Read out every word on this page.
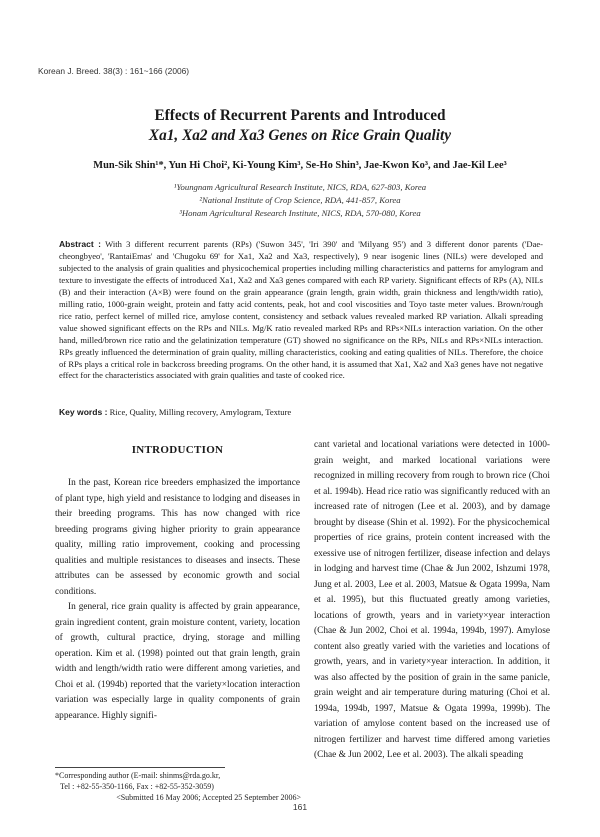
Korean J. Breed. 38(3) : 161~166 (2006)
Effects of Recurrent Parents and Introduced
Xa1, Xa2 and Xa3 Genes on Rice Grain Quality
Mun-Sik Shin¹*, Yun Hi Choi², Ki-Young Kim³, Se-Ho Shin³, Jae-Kwon Ko³, and Jae-Kil Lee³
¹Youngnam Agricultural Research Institute, NICS, RDA, 627-803, Korea
²National Institute of Crop Science, RDA, 441-857, Korea
³Honam Agricultural Research Institute, NICS, RDA, 570-080, Korea
Abstract : With 3 different recurrent parents (RPs) ('Suwon 345', 'Iri 390' and 'Milyang 95') and 3 different donor parents ('Dae-cheongbyeo', 'RantaiEmas' and 'Chugoku 69' for Xa1, Xa2 and Xa3, respectively), 9 near isogenic lines (NILs) were developed and subjected to the analysis of grain qualities and physicochemical properties including milling characteristics and patterns for amylogram and texture to investigate the effects of introduced Xa1, Xa2 and Xa3 genes compared with each RP variety. Significant effects of RPs (A), NILs (B) and their interaction (A×B) were found on the grain appearance (grain length, grain width, grain thickness and length/width ratio), milling ratio, 1000-grain weight, protein and fatty acid contents, peak, hot and cool viscosities and Toyo taste meter values. Brown/rough rice ratio, perfect kernel of milled rice, amylose content, consistency and setback values revealed marked RP variation. Alkali spreading value showed significant effects on the RPs and NILs. Mg/K ratio revealed marked RPs and RPs×NILs interaction variation. On the other hand, milled/brown rice ratio and the gelatinization temperature (GT) showed no significance on the RPs, NILs and RPs×NILs interaction. RPs greatly influenced the determination of grain quality, milling characteristics, cooking and eating qualities of NILs. Therefore, the choice of RPs plays a critical role in backcross breeding programs. On the other hand, it is assumed that Xa1, Xa2 and Xa3 genes have not negative effect for the characteristics associated with grain qualities and taste of cooked rice.
Key words : Rice, Quality, Milling recovery, Amylogram, Texture
INTRODUCTION

In the past, Korean rice breeders emphasized the importance of plant type, high yield and resistance to lodging and diseases in their breeding programs. This has now changed with rice breeding programs giving higher priority to grain appearance quality, milling ratio improvement, cooking and processing qualities and multiple resistances to diseases and insects. These attributes can be assessed by economic growth and social conditions.

In general, rice grain quality is affected by grain appearance, grain ingredient content, grain moisture content, variety, location of growth, cultural practice, drying, storage and milling operation. Kim et al. (1998) pointed out that grain length, grain width and length/width ratio were different among varieties, and Choi et al. (1994b) reported that the variety×location interaction variation was especially large in quality components of grain appearance. Highly signifi-

cant varietal and locational variations were detected in 1000-grain weight, and marked locational variations were recognized in milling recovery from rough to brown rice (Choi et al. 1994b). Head rice ratio was significantly reduced with an increased rate of nitrogen (Lee et al. 2003), and by damage brought by disease (Shin et al. 1992). For the physicochemical properties of rice grains, protein content increased with the exessive use of nitrogen fertilizer, disease infection and delays in lodging and harvest time (Chae & Jun 2002, Ishzumi 1978, Jung et al. 2003, Lee et al. 2003, Matsue & Ogata 1999a, Nam et al. 1995), but this fluctuated greatly among varieties, locations of growth, years and in variety×year interaction (Chae & Jun 2002, Choi et al. 1994a, 1994b, 1997). Amylose content also greatly varied with the varieties and locations of growth, years, and in variety×year interaction. In addition, it was also affected by the position of grain in the same panicle, grain weight and air temperature during maturing (Choi et al. 1994a, 1994b, 1997, Matsue & Ogata 1999a, 1999b). The variation of amylose content based on the increased use of nitrogen fertilizer and harvest time differed among varieties (Chae & Jun 2002, Lee et al. 2003). The alkali speading

*Corresponding author (E-mail: shinms@rda.go.kr,
Tel : +82-55-350-1166, Fax : +82-55-352-3059)
<Submitted 16 May 2006; Accepted 25 September 2006>
161
